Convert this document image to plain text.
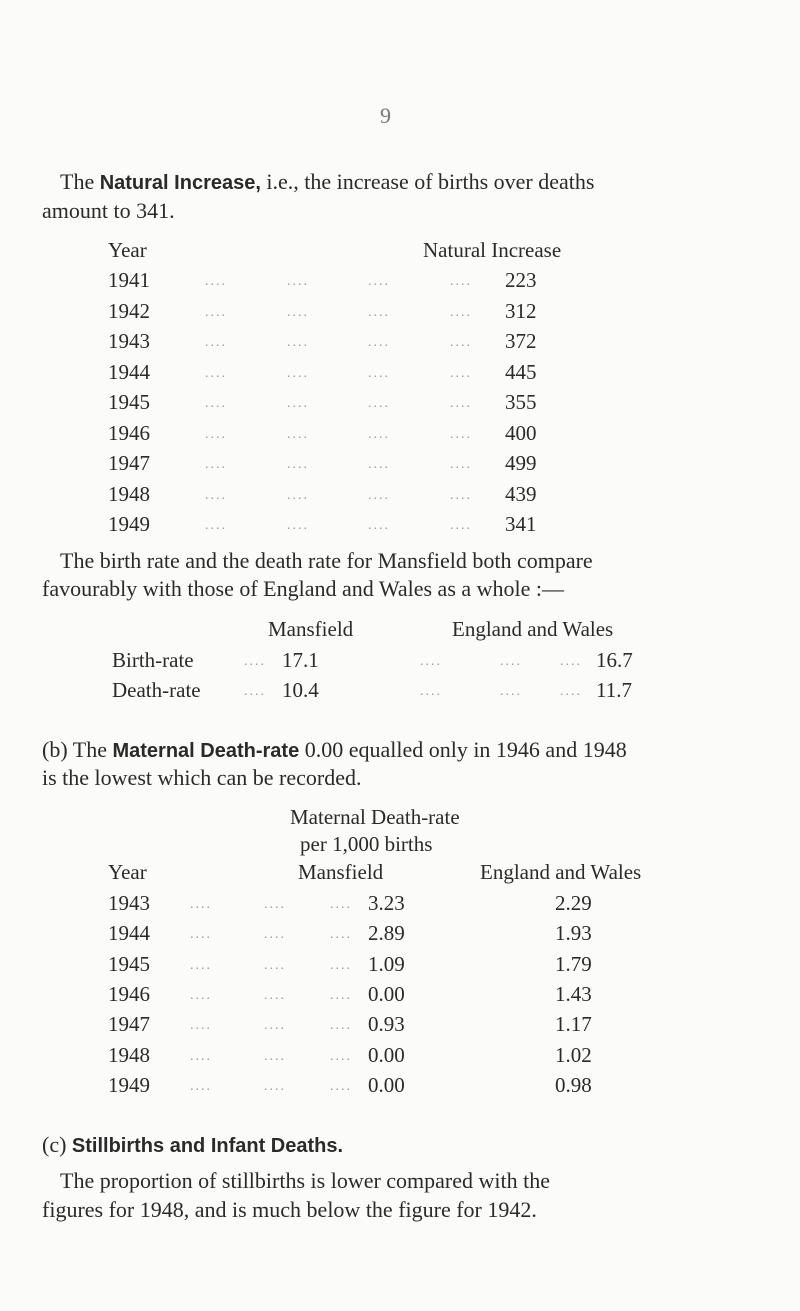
9
The Natural Increase, i.e., the increase of births over deaths
amount to 341.
Year	Natural Increase
1941	....	....	....	.... 223
1942	....	....	....	.... 312
1943	....	....	....	.... 372
1944	....	....	....	.... 445
1945	....	....	....	.... 355
1946	....	....	....	.... 400
1947	....	....	....	.... 499
1948	....	....	....	.... 439
1949	....	....	....	.... 341
The birth rate and the death rate for Mansfield both compare
favourably with those of England and Wales as a whole :—
Mansfield	England and Wales
Birth-rate	.... 17.1	....	....	.... 16.7
Death-rate	.... 10.4	....	....	.... 11.7
(b) The Maternal Death-rate 0.00 equalled only in 1946 and 1948
is the lowest which can be recorded.
Maternal Death-rate
per 1,000 births
Year	Mansfield	England and Wales
1943	....	....	.... 3.23	2.29
1944	....	....	.... 2.89	1.93
1945	....	....	.... 1.09	1.79
1946	....	....	.... 0.00	1.43
1947	....	....	.... 0.93	1.17
1948	....	....	.... 0.00	1.02
1949	....	....	.... 0.00	0.98
(c) Stillbirths and Infant Deaths.
The proportion of stillbirths is lower compared with the
figures for 1948, and is much below the figure for 1942.
